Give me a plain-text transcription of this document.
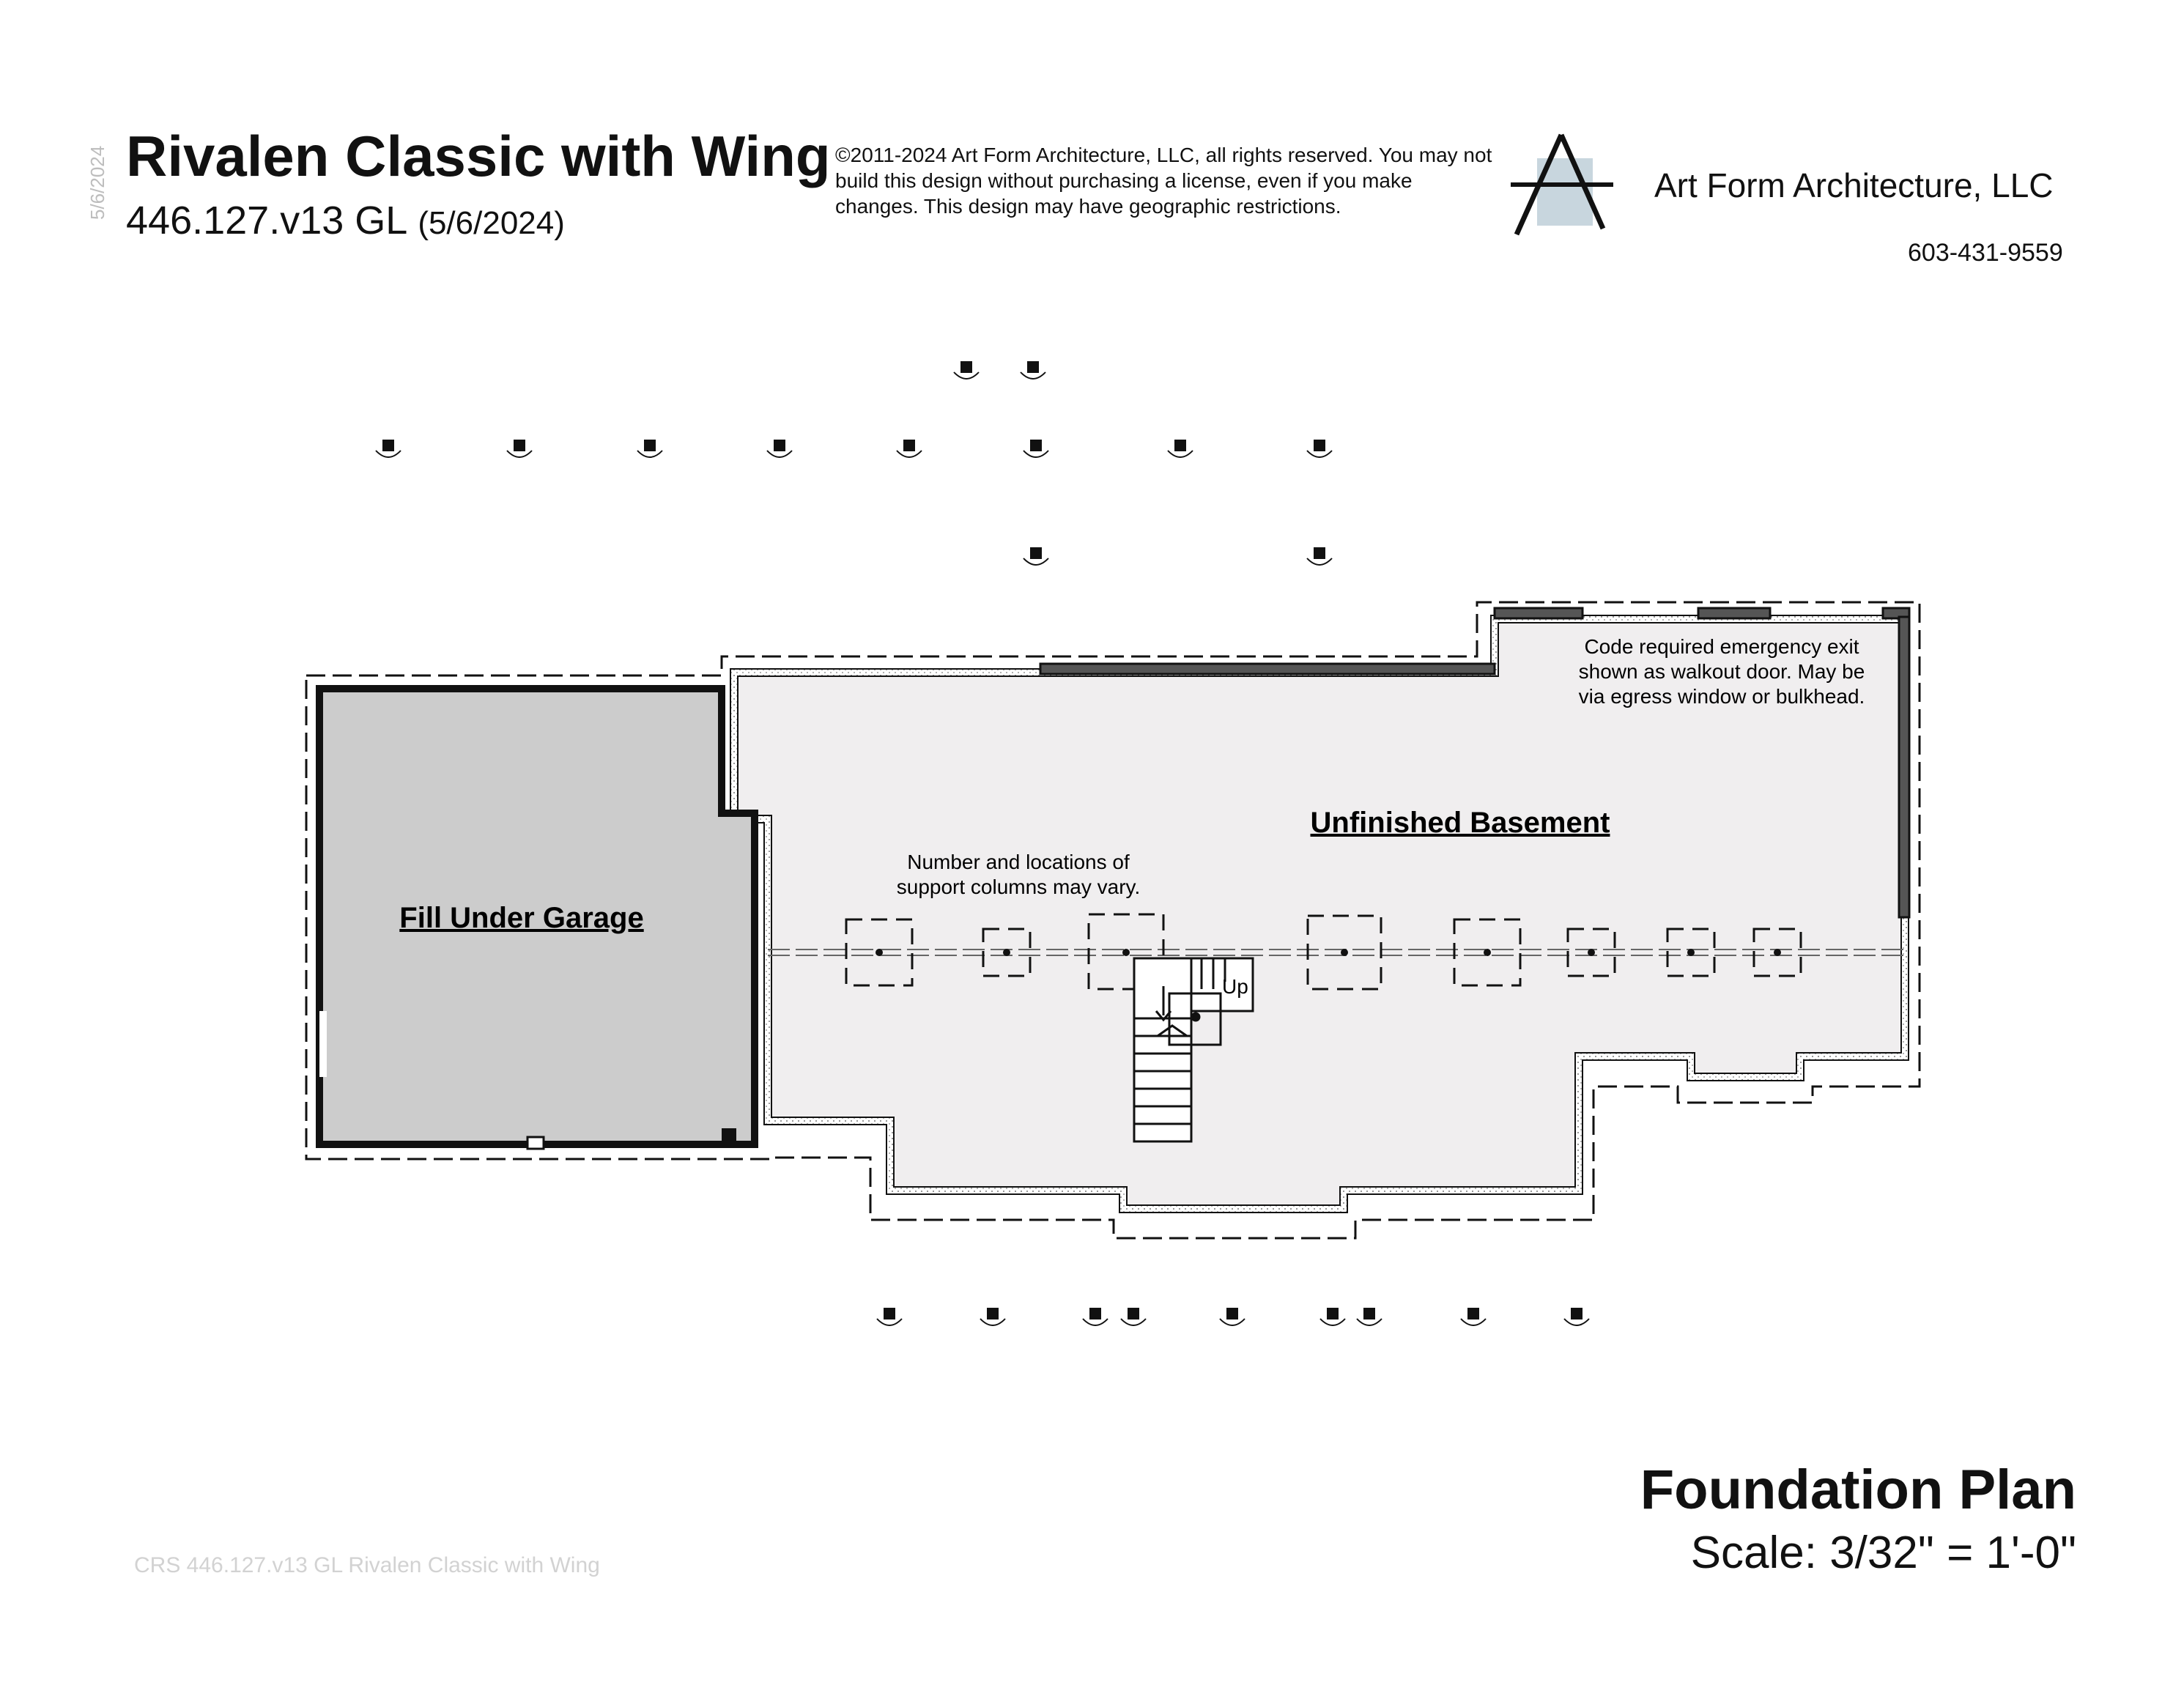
5/6/2024 Rivalen Classic with Wing
446.127.v13 GL (5/6/2024)
©2011-2024 Art Form Architecture, LLC, all rights reserved. You may not build this design without purchasing a license, even if you make changes. This design may have geographic restrictions.
Art Form Architecture, LLC
603-431-9559
Up
Fill Under Garage
Unfinished Basement
Number and locations of
support columns may vary.
Code required emergency exit
shown as walkout door. May be
via egress window or bulkhead.
Foundation Plan
Scale: 3/32" = 1'-0"
CRS 446.127.v13 GL Rivalen Classic with Wing
